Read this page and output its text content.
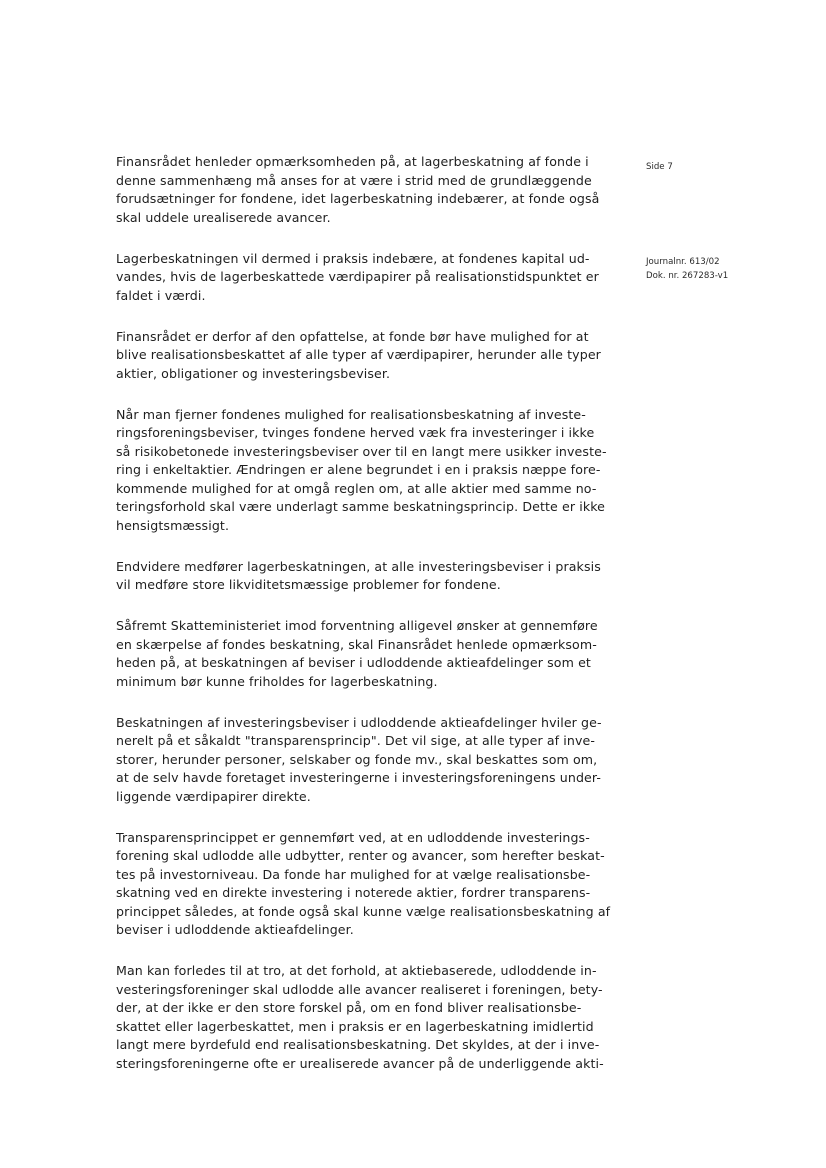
Side 7
Journalnr. 613/02
Dok. nr. 267283-v1
Finansrådet henleder opmærksomheden på, at lagerbeskatning af fonde i
denne sammenhæng må anses for at være i strid med de grundlæggende
forudsætninger for fondene, idet lagerbeskatning indebærer, at fonde også
skal uddele urealiserede avancer.
Lagerbeskatningen vil dermed i praksis indebære, at fondenes kapital ud-
vandes, hvis de lagerbeskattede værdipapirer på realisationstidspunktet er
faldet i værdi.
Finansrådet er derfor af den opfattelse, at fonde bør have mulighed for at
blive realisationsbeskattet af alle typer af værdipapirer, herunder alle typer
aktier, obligationer og investeringsbeviser.
Når man fjerner fondenes mulighed for realisationsbeskatning af investe-
ringsforeningsbeviser, tvinges fondene herved væk fra investeringer i ikke
så risikobetonede investeringsbeviser over til en langt mere usikker investe-
ring i enkeltaktier. Ændringen er alene begrundet i en i praksis næppe fore-
kommende mulighed for at omgå reglen om, at alle aktier med samme no-
teringsforhold skal være underlagt samme beskatningsprincip. Dette er ikke
hensigtsmæssigt.
Endvidere medfører lagerbeskatningen, at alle investeringsbeviser i praksis
vil medføre store likviditetsmæssige problemer for fondene.
Såfremt Skatteministeriet imod forventning alligevel ønsker at gennemføre
en skærpelse af fondes beskatning, skal Finansrådet henlede opmærksom-
heden på, at beskatningen af beviser i udloddende aktieafdelinger som et
minimum bør kunne friholdes for lagerbeskatning.
Beskatningen af investeringsbeviser i udloddende aktieafdelinger hviler ge-
nerelt på et såkaldt "transparensprincip". Det vil sige, at alle typer af inve-
storer, herunder personer, selskaber og fonde mv., skal beskattes som om,
at de selv havde foretaget investeringerne i investeringsforeningens under-
liggende værdipapirer direkte.
Transparensprincippet er gennemført ved, at en udloddende investerings-
forening skal udlodde alle udbytter, renter og avancer, som herefter beskat-
tes på investorniveau. Da fonde har mulighed for at vælge realisationsbe-
skatning ved en direkte investering i noterede aktier, fordrer transparens-
princippet således, at fonde også skal kunne vælge realisationsbeskatning af
beviser i udloddende aktieafdelinger.
Man kan forledes til at tro, at det forhold, at aktiebaserede, udloddende in-
vesteringsforeninger skal udlodde alle avancer realiseret i foreningen, bety-
der, at der ikke er den store forskel på, om en fond bliver realisationsbe-
skattet eller lagerbeskattet, men i praksis er en lagerbeskatning imidlertid
langt mere byrdefuld end realisationsbeskatning. Det skyldes, at der i inve-
steringsforeningerne ofte er urealiserede avancer på de underliggende akti-
